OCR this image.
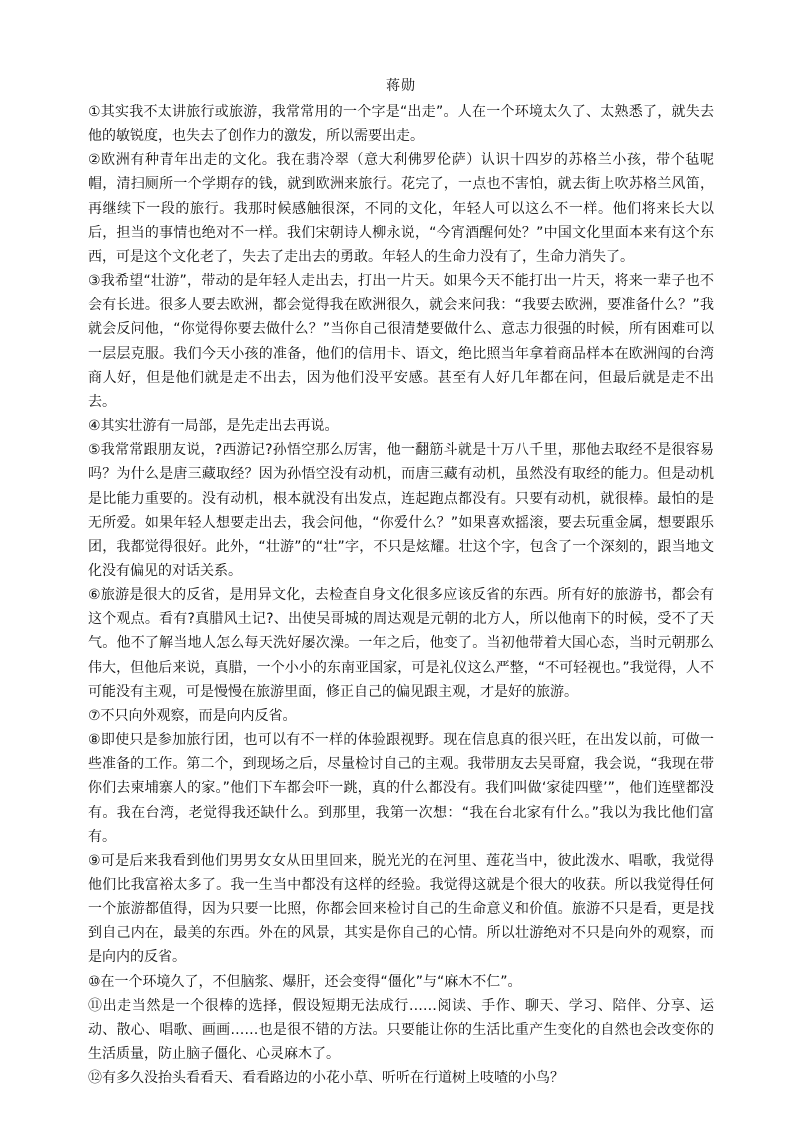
蒋勋

①其实我不太讲旅行或旅游，我常常用的一个字是“出走”。人在一个环境太久了、太熟悉了，就失去他的敏锐度，也失去了创作力的激发，所以需要出走。

②欧洲有种青年出走的文化。我在翡冷翠（意大利佛罗伦萨）认识十四岁的苏格兰小孩，带个毡呢帽，清扫厕所一个学期存的钱，就到欧洲来旅行。花完了，一点也不害怕，就去街上吹苏格兰风笛，再继续下一段的旅行。我那时候感触很深，不同的文化，年轻人可以这么不一样。他们将来长大以后，担当的事情也绝对不一样。我们宋朝诗人柳永说，“今宵酒醒何处？”中国文化里面本来有这个东西，可是这个文化老了，失去了走出去的勇敢。年轻人的生命力没有了，生命力消失了。

③我希望“壮游”，带动的是年轻人走出去，打出一片天。如果今天不能打出一片天，将来一辈子也不会有长进。很多人要去欧洲，都会觉得我在欧洲很久，就会来问我：“我要去欧洲，要准备什么？”我就会反问他，“你觉得你要去做什么？”当你自己很清楚要做什么、意志力很强的时候，所有困难可以一层层克服。我们今天小孩的准备，他们的信用卡、语文，绝比照当年拿着商品样本在欧洲闯的台湾商人好，但是他们就是走不出去，因为他们没平安感。甚至有人好几年都在问，但最后就是走不出去。

④其实壮游有一局部，是先走出去再说。

⑤我常常跟朋友说，?西游记?孙悟空那么厉害，他一翻筋斗就是十万八千里，那他去取经不是很容易吗？为什么是唐三藏取经？因为孙悟空没有动机，而唐三藏有动机，虽然没有取经的能力。但是动机是比能力重要的。没有动机，根本就没有出发点，连起跑点都没有。只要有动机，就很棒。最怕的是无所爱。如果年轻人想要走出去，我会问他，“你爱什么？”如果喜欢摇滚，要去玩重金属，想要跟乐团，我都觉得很好。此外，“壮游”的“壮”字，不只是炫耀。壮这个字，包含了一个深刻的，跟当地文化没有偏见的对话关系。

⑥旅游是很大的反省，是用异文化，去检查自身文化很多应该反省的东西。所有好的旅游书，都会有这个观点。看有?真腊风土记?、出使吴哥城的周达观是元朝的北方人，所以他南下的时候，受不了天气。他不了解当地人怎么每天洗好屡次澡。一年之后，他变了。当初他带着大国心态，当时元朝那么伟大，但他后来说，真腊，一个小小的东南亚国家，可是礼仪这么严整，“不可轻视也。”我觉得，人不可能没有主观，可是慢慢在旅游里面，修正自己的偏见跟主观，才是好的旅游。

⑦不只向外观察，而是向内反省。

⑧即使只是参加旅行团，也可以有不一样的体验跟视野。现在信息真的很兴旺，在出发以前，可做一些准备的工作。第二个，到现场之后，尽量检讨自己的主观。我带朋友去吴哥窟，我会说，“我现在带你们去柬埔寨人的家。”他们下车都会吓一跳，真的什么都没有。我们叫做‘家徒四壁’”，他们连壁都没有。我在台湾，老觉得我还缺什么。到那里，我第一次想：“我在台北家有什么。”我以为我比他们富有。

⑨可是后来我看到他们男男女女从田里回来，脱光光的在河里、莲花当中，彼此泼水、唱歌，我觉得他们比我富裕太多了。我一生当中都没有这样的经验。我觉得这就是个很大的收获。所以我觉得任何一个旅游都值得，因为只要一比照，你都会回来检讨自己的生命意义和价值。旅游不只是看，更是找到自己内在，最美的东西。外在的风景，其实是你自己的心情。所以壮游绝对不只是向外的观察，而是向内的反省。

⑩在一个环境久了，不但脑浆、爆肝，还会变得“僵化”与“麻木不仁”。

⑪出走当然是一个很棒的选择，假设短期无法成行……阅读、手作、聊天、学习、陪伴、分享、运动、散心、唱歌、画画……也是很不错的方法。只要能让你的生活比重产生变化的自然也会改变你的生活质量，防止脑子僵化、心灵麻木了。

⑫有多久没抬头看看天、看看路边的小花小草、听听在行道树上吱喳的小鸟？
